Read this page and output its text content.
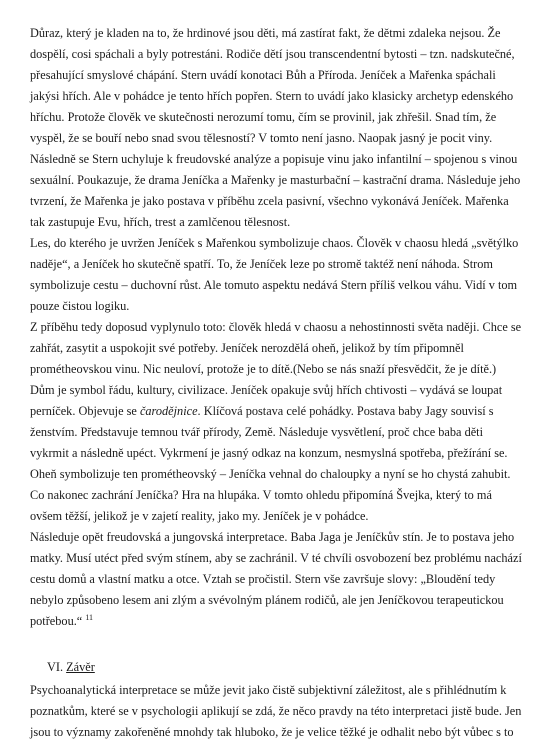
Důraz, který je kladen na to, že hrdinové jsou děti, má zastírat fakt, že dětmi zdaleka nejsou. Že

dospělí, cosi spáchali a byly potrestáni. Rodiče dětí jsou transcendentní bytosti – tzn. nadskutečné,

přesahující smyslové chápání. Stern uvádí konotaci Bůh a Příroda. Jeníček a Mařenka spáchali

jakýsi hřích. Ale v pohádce je tento hřích popřen. Stern to uvádí jako klasicky archetyp edenského

hříchu. Protože člověk ve skutečnosti nerozumí tomu, čím se provinil, jak zhřešil. Snad tím, že

vyspěl, že se bouří nebo snad svou tělesností? V tomto není jasno. Naopak jasný je pocit viny.

Následně se Stern uchyluje k freudovské analýze a popisuje vinu jako infantilní – spojenou s vinou

sexuální. Poukazuje, že drama Jeníčka a Mařenky je masturbační – kastrační drama. Následuje jeho

tvrzení, že Mařenka je jako postava v příběhu zcela pasivní, všechno vykonává Jeníček. Mařenka

tak zastupuje Evu, hřích, trest a zamlčenou tělesnost.

Les, do kterého je uvržen Jeníček s Mařenkou symbolizuje chaos. Člověk v chaosu hledá „světýlko

naděje“, a Jeníček ho skutečně spatří. To, že Jeníček leze po stromě taktéž není náhoda. Strom

symbolizuje cestu – duchovní růst. Ale tomuto aspektu nedává Stern příliš velkou váhu. Vidí v tom

pouze čistou logiku.

Z příběhu tedy doposud vyplynulo toto: člověk hledá v chaosu a nehostinnosti světa naději. Chce se

zahřát, zasytit a uspokojit své potřeby. Jeníček nerozdělá oheň, jelikož by tím připomněl

prométheovskou vinu. Nic neuloví, protože je to dítě.(Nebo se nás snaží přesvědčit, že je dítě.)

Dům je symbol řádu, kultury, civilizace. Jeníček opakuje svůj hřích chtivosti – vydává se loupat

perníček. Objevuje se čarodějnice. Klíčová postava celé pohádky. Postava baby Jagy souvisí s

ženstvím. Představuje temnou tvář přírody, Země. Následuje vysvětlení, proč chce baba děti

vykrmit a následně upéct. Vykrmení je jasný odkaz na konzum, nesmyslná spotřeba, přežírání se.

Oheň symbolizuje ten prométheovský – Jeníčka vehnal do chaloupky a nyní se ho chystá zahubit.

Co nakonec zachrání Jeníčka? Hra na hlupáka. V tomto ohledu připomíná Švejka, který to má

ovšem těžší, jelikož je v zajetí reality, jako my. Jeníček je v pohádce.

Následuje opět freudovská a jungovská interpretace. Baba Jaga je Jeníčkův stín. Je to postava jeho

matky. Musí utéct před svým stínem, aby se zachránil. V té chvíli osvobození bez problému nachází

cestu domů a vlastní matku a otce. Vztah se pročistil. Stern vše završuje slovy: „Bloudění tedy

nebylo způsobeno lesem ani zlým a svévolným plánem rodičů, ale jen Jeníčkovou terapeutickou

potřebou.“ $^{11}$

VI. Závěr

Psychoanalytická interpretace se může jevit jako čistě subjektivní záležitost, ale s přihlédnutím k

poznatkům, které se v psychologii aplikují se zdá, že něco pravdy na této interpretaci jistě bude. Jen

jsou to významy zakořeněné mnohdy tak hluboko, že je velice těžké je odhalit nebo být vůbec s to
